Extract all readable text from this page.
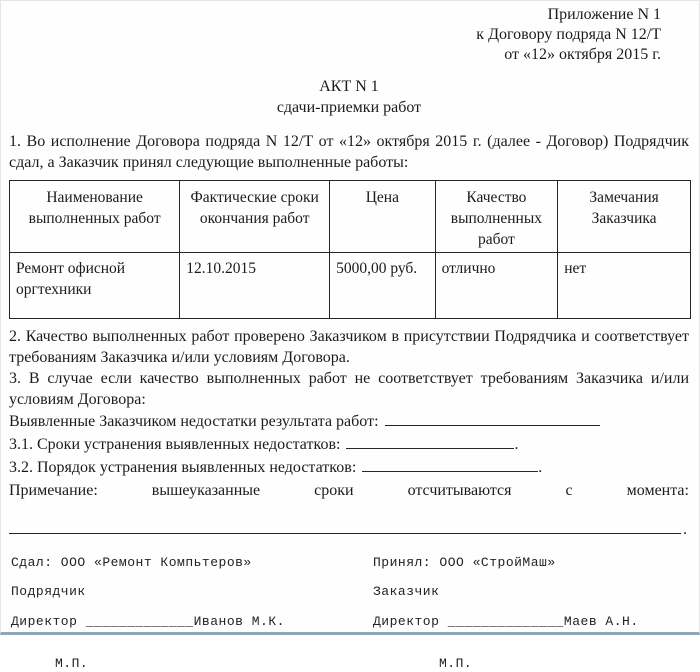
Приложение N 1
к Договору подряда N 12/Т
от «12» октября 2015 г.
АКТ N 1
сдачи-приемки работ

1. Во исполнение Договора подряда N 12/Т от «12» октября 2015 г. (далее - Договор) Подрядчик сдал, а Заказчик принял следующие выполненные работы:

Наименование выполненных работ	Фактические сроки окончания работ	Цена	Качество выполненных работ	Замечания Заказчика
Ремонт офисной оргтехники	12.10.2015	5000,00 руб.	отлично	нет

2. Качество выполненных работ проверено Заказчиком в присутствии Подрядчика и соответствует требованиям Заказчика и/или условиям Договора.

3. В случае если качество выполненных работ не соответствует требованиям Заказчика и/или условиям Договора:

Выявленные Заказчиком недостатки результата работ:
3.1. Сроки устранения выявленных недостатков:	.
3.2. Порядок устранения выявленных недостатков:	.
Примечание:	вышеуказанные	сроки	отсчитываются	с	момента:
.
Сдал: ООО «Ремонт Компьтеров»	Принял: ООО «СтройМаш»
Подрядчик	Заказчик
Директор _____________Иванов М.К.	Директор ______________Маев А.Н.
М.П.	М.П.
